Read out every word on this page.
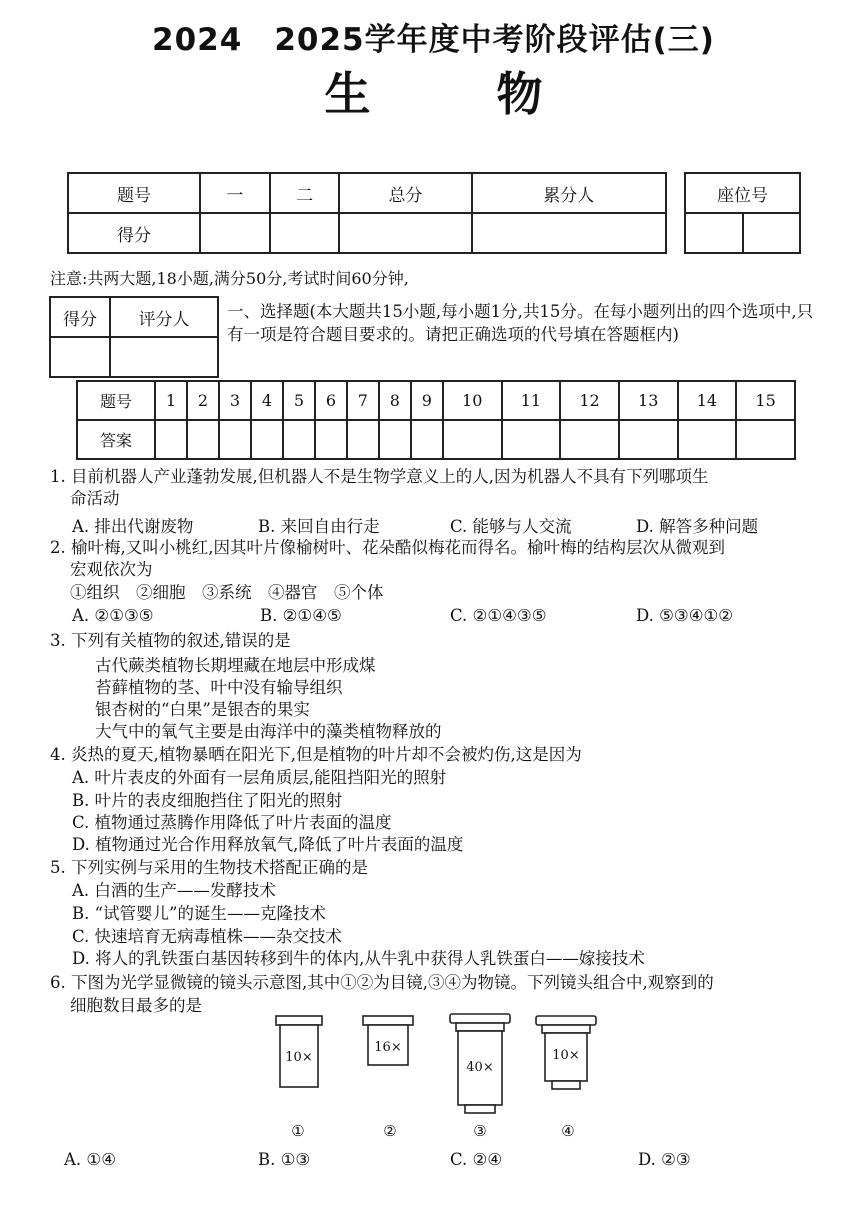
2024　2025学年度中考阶段评估(三)
生　物
题号	一	二	总分	累分人
得分				
座位号

注意:共两大题,18小题,满分50分,考试时间60分钟,
得分	评分人
	一、选择题(本大题共15小题,每小题1分,共15分。在每小题列出的四个选项中,只有一项是符合题目要求的。请把正确选项的代号填在答题框内)
题号	1	2	3	4	5	6	7	8	9	10	11	12	13	14	15
答案															
1. 目前机器人产业蓬勃发展,但机器人不是生物学意义上的人,因为机器人不具有下列哪项生
命活动
A. 排出代谢废物	B. 来回自由行走	C. 能够与人交流	D. 解答多种问题
2. 榆叶梅,又叫小桃红,因其叶片像榆树叶、花朵酷似梅花而得名。榆叶梅的结构层次从微观到
宏观依次为
①组织　②细胞　③系统　④器官　⑤个体
A. ②①③⑤	B. ②①④⑤	C. ②①④③⑤	D. ⑤③④①②
3. 下列有关植物的叙述,错误的是
古代蕨类植物长期埋藏在地层中形成煤
苔藓植物的茎、叶中没有输导组织
银杏树的“白果”是银杏的果实
大气中的氧气主要是由海洋中的藻类植物释放的
4. 炎热的夏天,植物暴晒在阳光下,但是植物的叶片却不会被灼伤,这是因为
A. 叶片表皮的外面有一层角质层,能阻挡阳光的照射
B. 叶片的表皮细胞挡住了阳光的照射
C. 植物通过蒸腾作用降低了叶片表面的温度
D. 植物通过光合作用释放氧气,降低了叶片表面的温度
5. 下列实例与采用的生物技术搭配正确的是
A. 白酒的生产——发酵技术
B. “试管婴儿”的诞生——克隆技术
C. 快速培育无病毒植株——杂交技术
D. 将人的乳铁蛋白基因转移到牛的体内,从牛乳中获得人乳铁蛋白——嫁接技术
6. 下图为光学显微镜的镜头示意图,其中①②为目镜,③④为物镜。下列镜头组合中,观察到的
细胞数目最多的是
10×
16×
40×
10×
①	②	③	④
A. ①④	B. ①③	C. ②④	D. ②③
